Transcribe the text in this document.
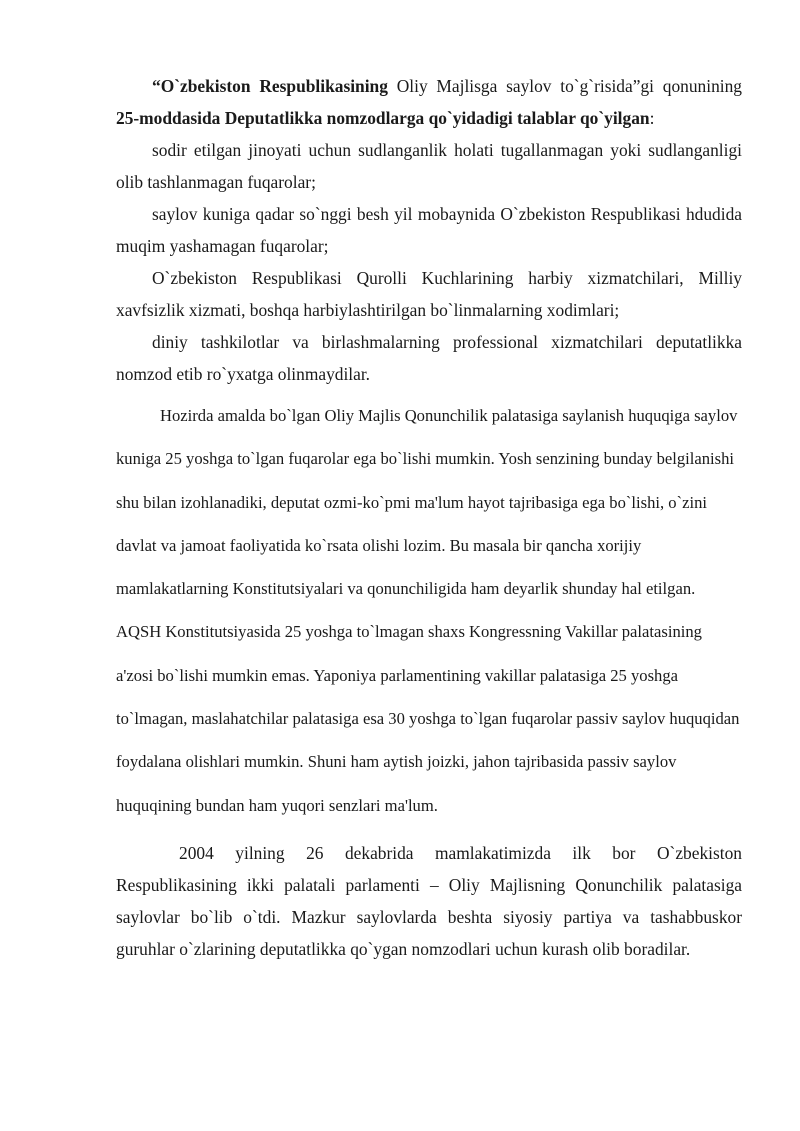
“O`zbekiston Respublikasining Oliy Majlisga saylov to`g`risida”gi qonunining 25-moddasida Deputatlikka nomzodlarga qo`yidadigi talablar qo`yilgan:

sodir etilgan jinoyati uchun sudlanganlik holati tugallanmagan yoki sudlanganligi olib tashlanmagan fuqarolar;

saylov kuniga qadar so`nggi besh yil mobaynida O`zbekiston Respublikasi hdudida muqim yashamagan fuqarolar;

O`zbekiston Respublikasi Qurolli Kuchlarining harbiy xizmatchilari, Milliy xavfsizlik xizmati, boshqa harbiylashtirilgan bo`linmalarning xodimlari;

diniy tashkilotlar va birlashmalarning professional xizmatchilari deputatlikka nomzod etib ro`yxatga olinmaydilar.

Hozirda amalda bo`lgan Oliy Majlis Qonunchilik palatasiga saylanish huquqiga saylov kuniga 25 yoshga to`lgan fuqarolar ega bo`lishi mumkin. Yosh senzining bunday belgilanishi shu bilan izohlanadiki, deputat ozmi-ko`pmi ma'lum hayot tajribasiga ega bo`lishi, o`zini davlat va jamoat faoliyatida ko`rsata olishi lozim. Bu masala bir qancha xorijiy mamlakatlarning Konstitutsiyalari va qonunchiligida ham deyarlik shunday hal etilgan. AQSH Konstitutsiyasida 25 yoshga to`lmagan shaxs Kongressning Vakillar palatasining a'zosi bo`lishi mumkin emas. Yaponiya parlamentining vakillar palatasiga 25 yoshga to`lmagan, maslahatchilar palatasiga esa 30 yoshga to`lgan fuqarolar passiv saylov huquqidan foydalana olishlari mumkin. Shuni ham aytish joizki, jahon tajribasida passiv saylov huquqining bundan ham yuqori senzlari ma'lum.

2004 yilning 26 dekabrida mamlakatimizda ilk bor O`zbekiston Respublikasining ikki palatali parlamenti – Oliy Majlisning Qonunchilik palatasiga saylovlar bo`lib o`tdi. Mazkur saylovlarda beshta siyosiy partiya va tashabbuskor guruhlar o`zlarining deputatlikka qo`ygan nomzodlari uchun kurash olib boradilar.
